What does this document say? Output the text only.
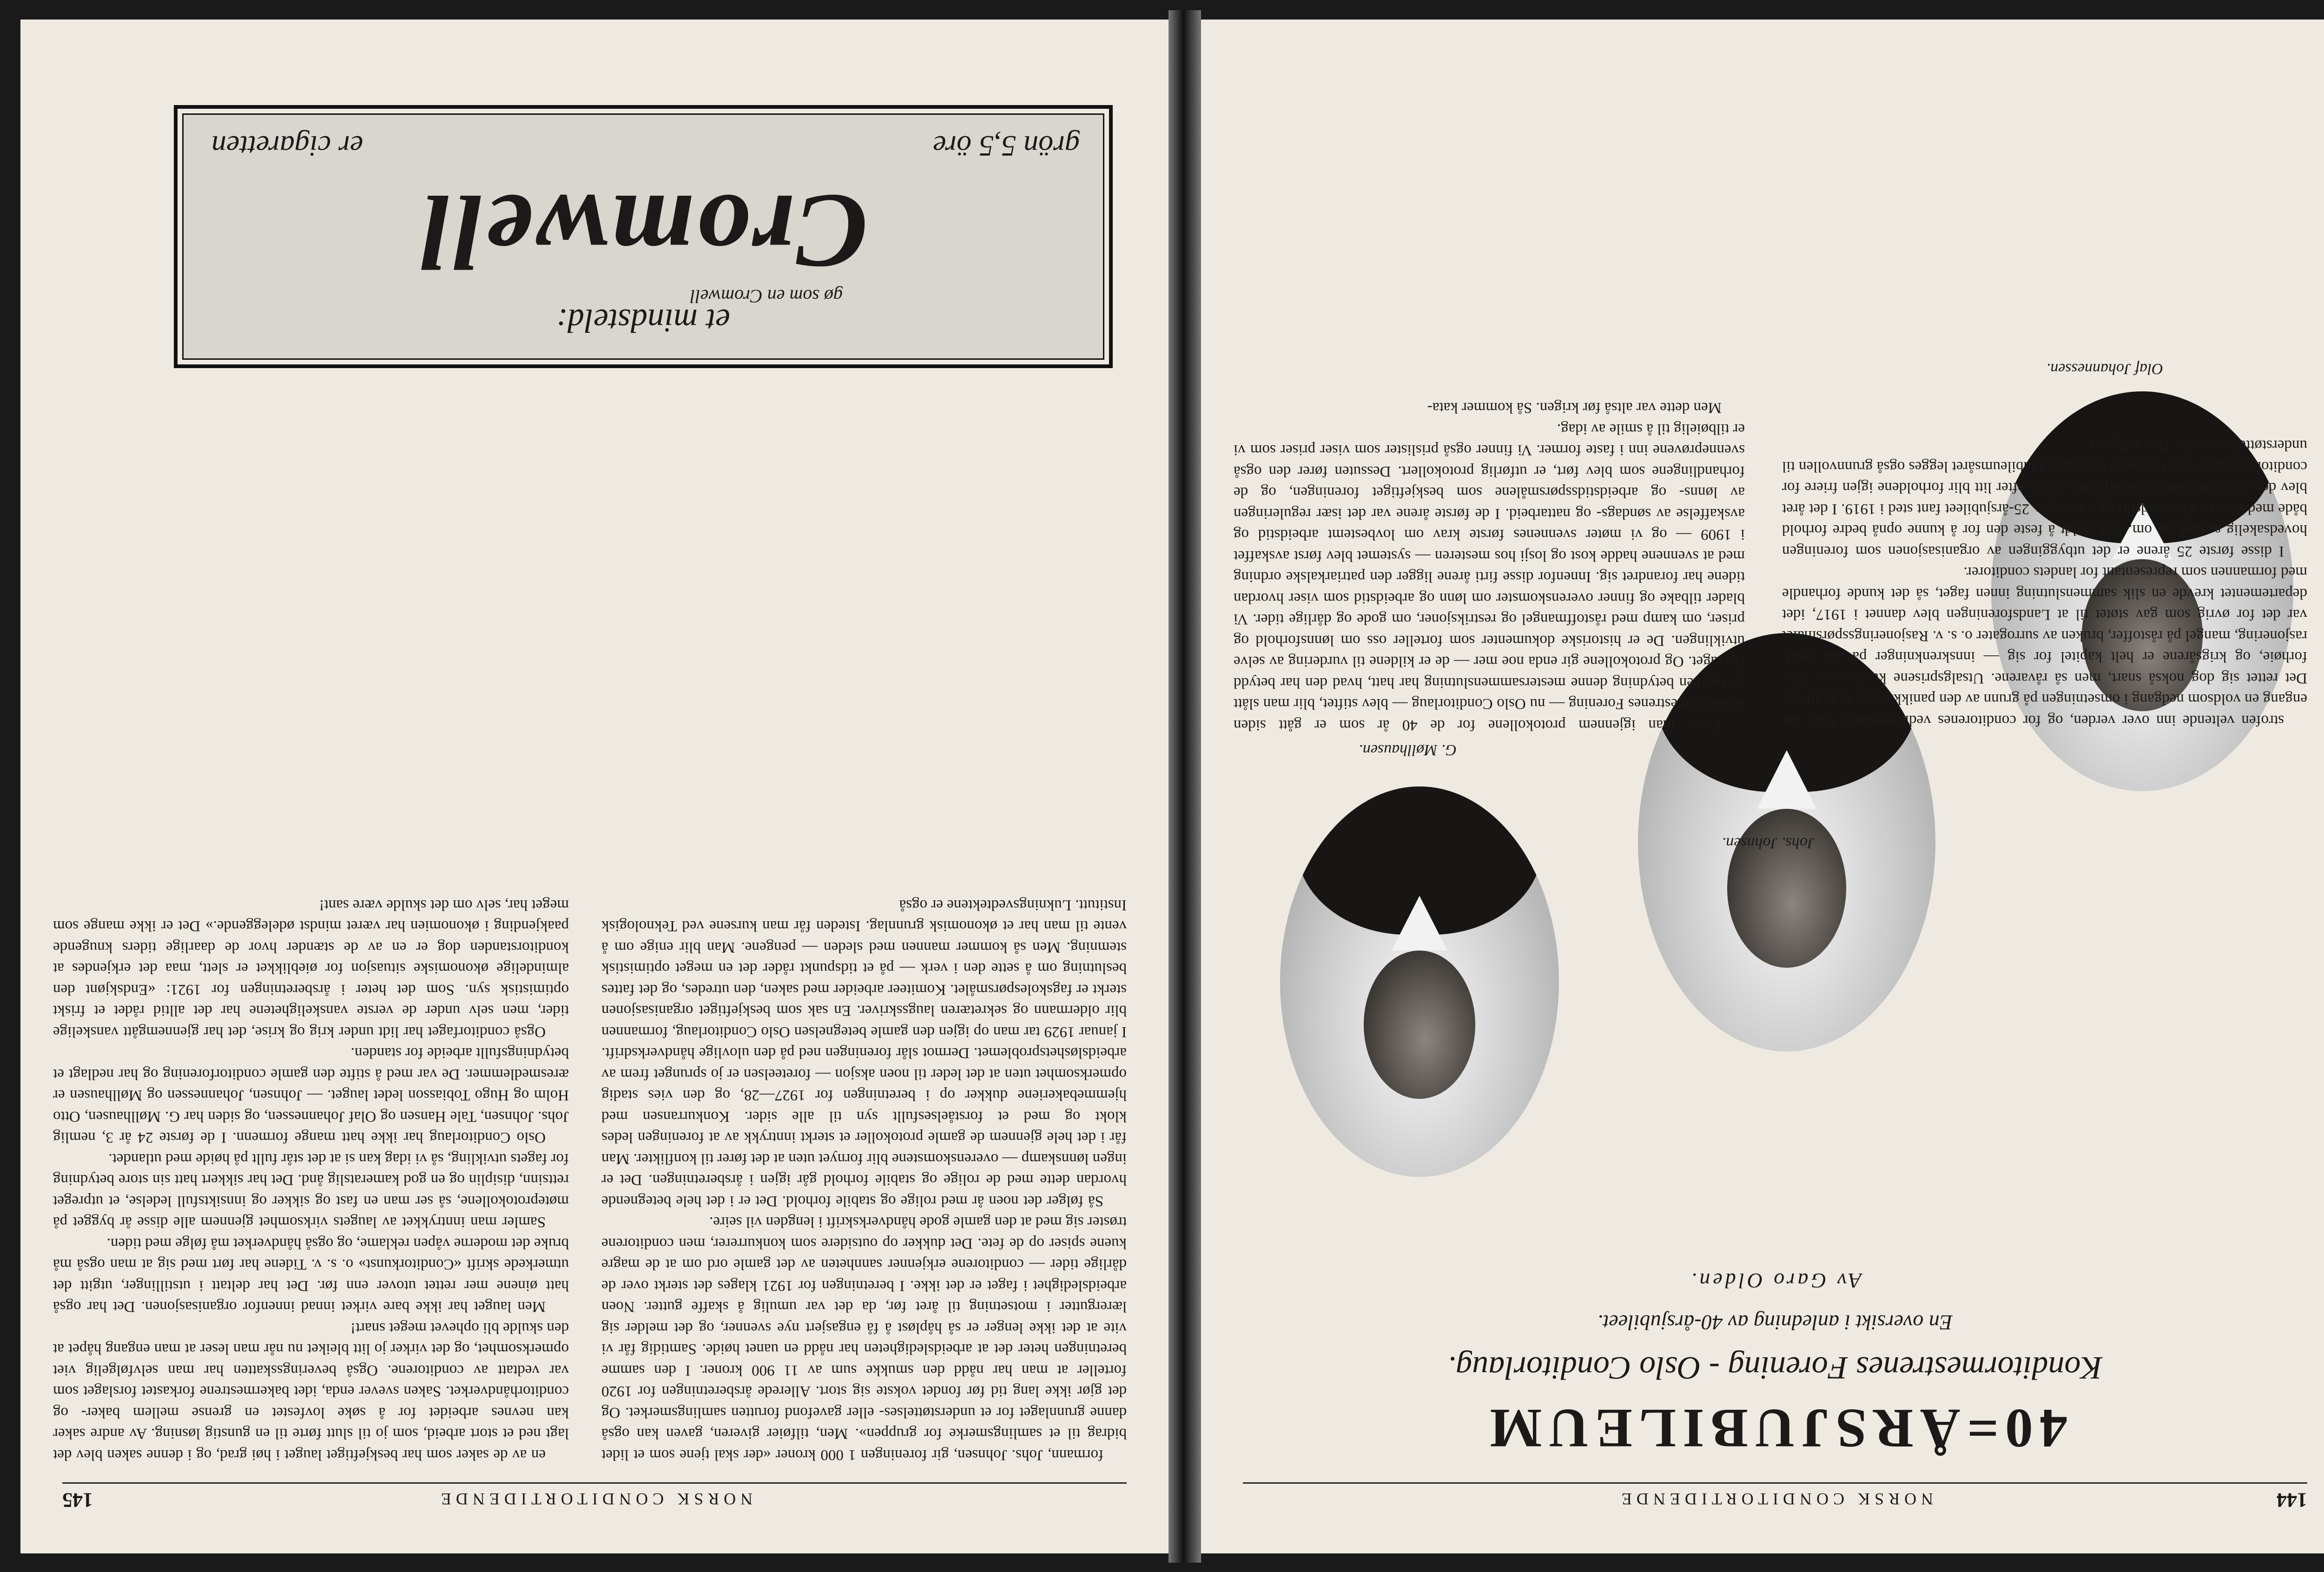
144
NORSK CONDITORTIDENDE
40=ÅRSJUBILEUM
Konditormestrenes Forening - Oslo Conditorlaug.
En oversikt i anledning av 40-årsjubileet.
Av Garo Olden.
Olaf Johannessen.
Johs. Johnsen.
G. Møllhausen.

Leser man igjennem protokollene for de 40 år som er gått siden Konditormestrenes Forening — nu Oslo Conditorlaug — blev stiftet, blir man slått av hvilken betydning denne mestersammenslutning har hatt, hvad den har betydd for faget. Og protokollene gir enda noe mer — de er kildene til vurdering av selve utviklingen. De er historiske dokumenter som forteller oss om lønnsforhold og priser, om kamp med råstoffmangel og restriksjoner, om gode og dårlige tider. Vi blader tilbake og finner overenskomster om lønn og arbeidstid som viser hvordan tidene har forandret sig. Innenfor disse firti årene ligger den patriarkalske ordning med at svennene hadde kost og losji hos mesteren — systemet blev først avskaffet i 1909 — og vi møter svennenes første krav om lovbestemt arbeidstid og avskaffelse av søndags- og nattarbeid. I de første årene var det især reguleringen av lønns- og arbeidstidsspørsmålene som beskjeftiget foreningen, og de forhandlingene som blev ført, er utførlig protokollert. Dessuten fører den også svenneprøvene inn i faste former. Vi finner også prislister som viser priser som vi er tilbøielig til å smile av idag.

Men dette var altså før krigen. Så kommer kata-

strofen veltende inn over verden, og for conditorenes vedkommende blev det engang en voldsom nedgang i omsetningen på grunn av den panikkartede forholdene. Det rettet sig dog nokså snart, men så råvarene. Utsalgsprisene kunde man ikke forhøie, og krigsårene er helt kapitel for sig — innskrenkninger på alle hold, rasjonering, mangel på råstoffer, bruken av surrogater o. s. v. Rasjoneringsspørsmålet var det for øvrig som gav støtet til at Landsforeningen blev dannet i 1917, idet departementet krevde en slik sammenslutning innen faget, så det kunde forhandle med formannen som representant for landets conditorer.

I disse første 25 årene er det utbyggingen av organisasjonen som foreningen hovedsakelig samlet sig om. Det gjaldt å feste den for å kunne opnå bedre forhold både med hensyn til arbeidstid og lønninger. 25-årsjubileet fant sted i 1919. I det året blev det også slutt med rasjoneringen, og litt efter litt blir forholdene igjen friere for conditornæringen som for andre næringer. I jubileumsåret legges også grunnvollen til understøttelsesfondet. Den tidligere

145	NORSK CONDITORTIDENDE

formann, Johs. Johnsen, gir foreningen 1 000 kroner «der skal tjene som et lidet bidrag til et samlingsmerke for gruppen». Men, tilføier giveren, gaven kan også danne grunnlaget for et understøttelses- eller gavefond forutten samlingsmerket. Og det gjør ikke lang tid før fondet vokste sig stort. Allerede årsberetningen for 1920 forteller at man har nådd den smukke sum av 11 900 kroner. I den samme beretningen heter det at arbeidsledigheten har nådd en uanet høide. Samtidig får vi vite at det ikke lenger er så håpløst å få engasjert nye svenner, og det melder sig lærergutter i motsetning til året før, da det var umulig å skaffe gutter. Noen arbeidsledighet i faget er det ikke. I beretningen for 1921 klages det sterkt over de dårlige tider — conditorene erkjenner sannheten av det gamle ord om at de magre kuene spiser op de fete. Det dukker op outsidere som konkurrerer, men conditorene trøster sig med at den gamle gode håndverkskrift i lengden vil seire.

Så følger det noen år med rolige og stabile forhold. Det er i det hele betegnende hvordan dette med de rolige og stabile forhold går igjen i årsberetningen. Det er ingen lønnskamp — overenskomstene blir fornyet uten at det fører til konflikter. Man får i det hele gjennem de gamle protokoller et sterkt inntrykk av at foreningen ledes klokt og med et forståelsesfullt syn til alle sider. Konkurransen med hjemmebakeriene dukker op i beretningen for 1927—28, og den vies stadig opmerksomhet uten at det leder til noen aksjon — foreteelsen er jo sprunget frem av arbeidsløshetsproblemet. Dermot slår foreningen ned på den ulovlige håndverksdrift. I januar 1929 tar man op igjen den gamle betegnelsen Oslo Conditorlaug, formannen blir oldermann og sekretæren laugsskriver. En sak som beskjeftiget organisasjonen sterkt er fagskolespørsmålet. Komiteer arbeider med saken, den utredes, og det fattes beslutning om å sette den i verk — på et tidspunkt råder det en meget optimistisk stemning. Men så kommer mannen med sleden — pengene. Man blir enige om å vente til man har et økonomisk grunnlag. Isteden får man kursene ved Teknologisk Institutt. Lukningsvedtektene er også

en av de saker som har beskjeftiget lauget i høi grad, og i denne saken blev det lagt ned et stort arbeid, som jo til slutt førte til en gunstig løsning. Av andre saker kan nevnes arbeidet for å søke lovfestet en grense mellem baker- og conditorhåndverket. Saken svever enda, idet bakermestrene forkastet forslaget som var vedtatt av conditorene. Også beveringsskatten har man selvfølgelig viet opmerksomhet, og det virker jo litt bleiket nu når man leser at man engang håpet at den skulde bli ophevet meget snart!

Men lauget har ikke bare virket innad innenfor organisasjonen. Det har også hatt øinene mer rettet utover enn før. Det har deltatt i utstillinger, utgitt det utmerkede skrift «Conditorkunst» o. s. v. Tidene har ført med sig at man også må bruke det moderne våpen reklame, og også håndverket må følge med tiden.

Samler man inntrykket av laugets virksomhet gjennem alle disse år bygget på møteprotokollene, så ser man en fast og sikker og innsiktsfull ledelse, et utpreget rettsinn, disiplin og en god kameratslig ånd. Det har sikkert hatt sin store betydning for fagets utvikling, så vi idag kan si at det står fullt på høide med utlandet.

Oslo Conditorlaug har ikke hatt mange formenn. I de første 24 år 3, nemlig Johs. Johnsen, Tale Hansen og Olaf Johannessen, og siden har G. Møllhausen, Otto Holm og Hugo Tobiasson ledet lauget. — Johnsen, Johannessen og Møllhausen er æresmedlemmer. De var med å stifte den gamle conditorforening og har nedlagt et betydningsfullt arbeide for standen.

Også conditorfaget har lidt under krig og krise, det har gjennemgått vanskelige tider, men selv under de verste vanskelighetene har det alltid rådet et friskt optimistisk syn. Som det heter i årsberetningen for 1921: «Endskjønt den almindelige økonomiske situasjon for øieblikket er slett, maa det erkjendes at konditorstanden dog er en av de stænder hvor de daarlige tiders knugende paakjending i økonomien har været mindst ødeleggende.» Det er ikke mange som meget har, selv om det skulde være sant!

et mindsteld:
gø som en Cromwell
Cromwell
grön 5,5 öre
er cigaretten
